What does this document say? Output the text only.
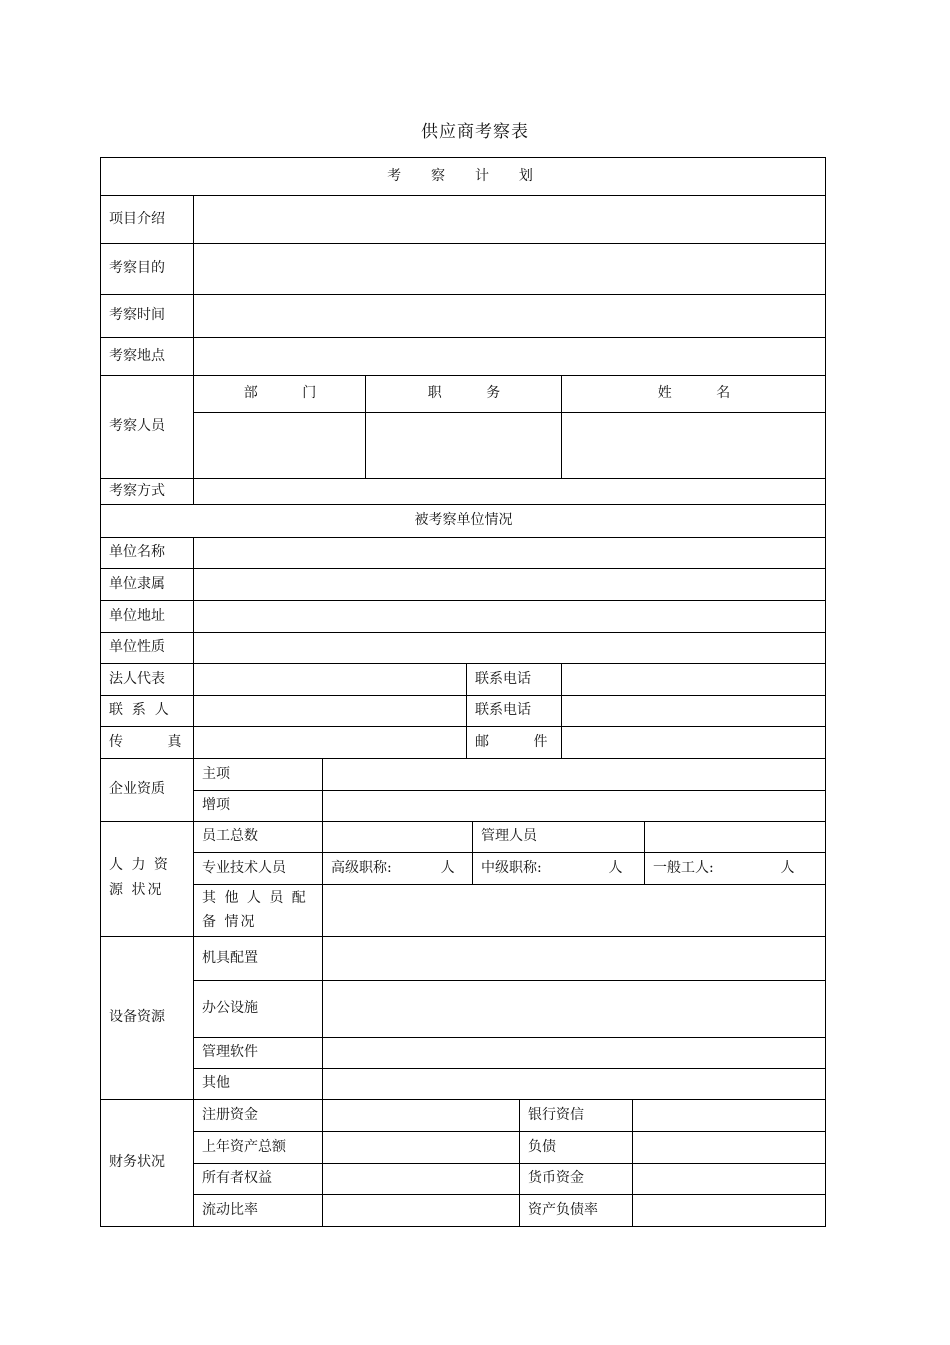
供应商考察表
考  察  计  划
项目介绍
考察目的
考察时间
考察地点
考察人员
部          门	职          务	姓          名
考察方式
被考察单位情况
单位名称
单位隶属
单位地址
单位性质
法人代表	联系电话
联  系  人	联系电话
传          真	邮          件
企业资质
主项
增项
人 力 资 源 状况
员工总数	管理人员
专业技术人员	高级职称:           人	中级职称:               人	一般工人:               人
其 他 人 员 配 备 情况
设备资源
机具配置
办公设施
管理软件
其他
财务状况
注册资金	银行资信
上年资产总额	负债
所有者权益	货币资金
流动比率	资产负债率
